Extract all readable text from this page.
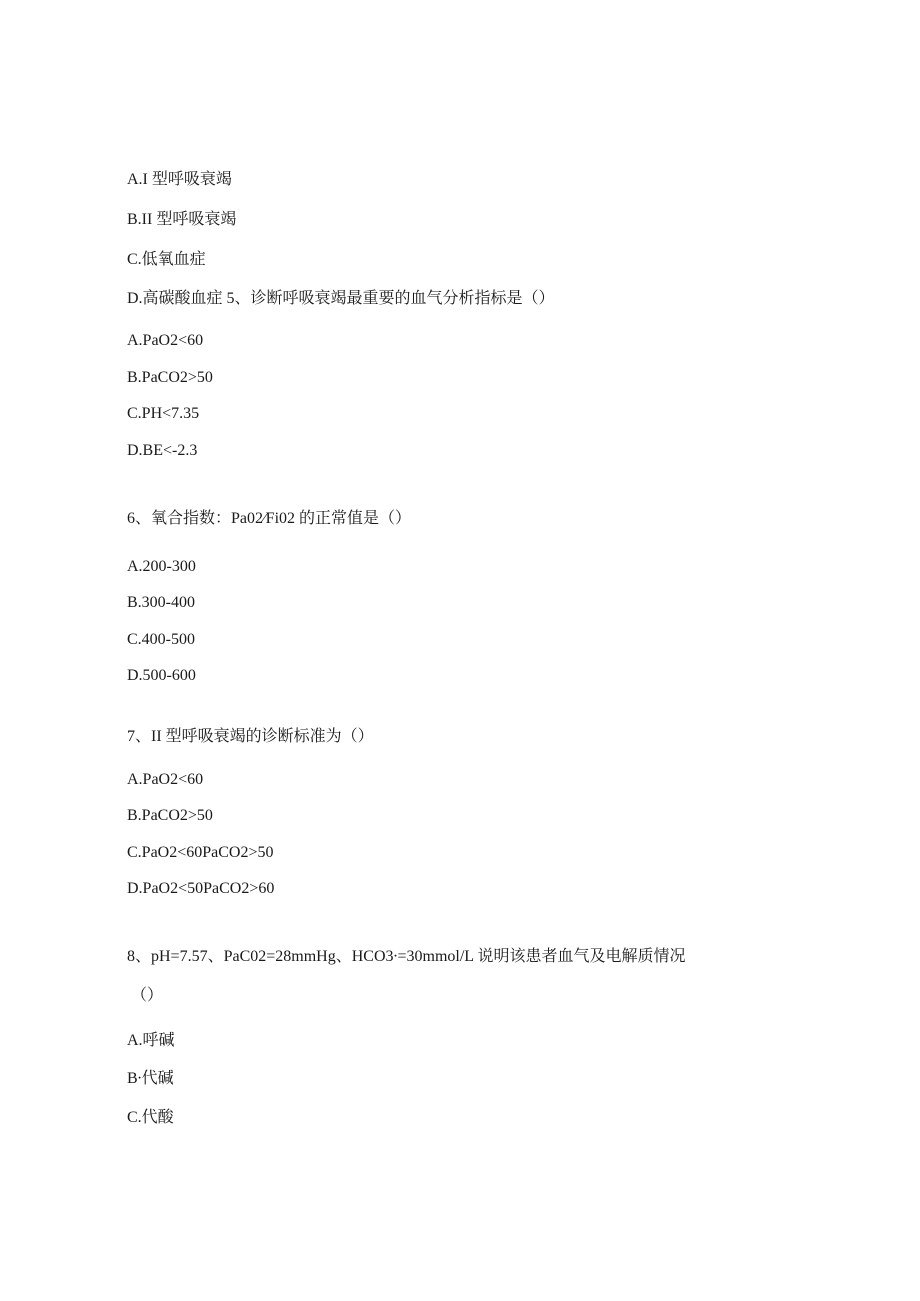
A.I 型呼吸衰竭
B.II 型呼吸衰竭
C.低氧血症
D.高碳酸血症 5、诊断呼吸衰竭最重要的血气分析指标是（）
A.PaO2<60
B.PaCO2>50
C.PH<7.35
D.BE<-2.3
6、氧合指数：Pa02∕Fi02 的正常值是（）
A.200-300
B.300-400
C.400-500
D.500-600
7、II 型呼吸衰竭的诊断标准为（）
A.PaO2<60
B.PaCO2>50
C.PaO2<60PaCO2>50
D.PaO2<50PaCO2>60
8、pH=7.57、PaC02=28mmHg、HCO3∙=30mmol/L 说明该患者血气及电解质情况
（）
A.呼碱
B∙代碱
C.代酸
